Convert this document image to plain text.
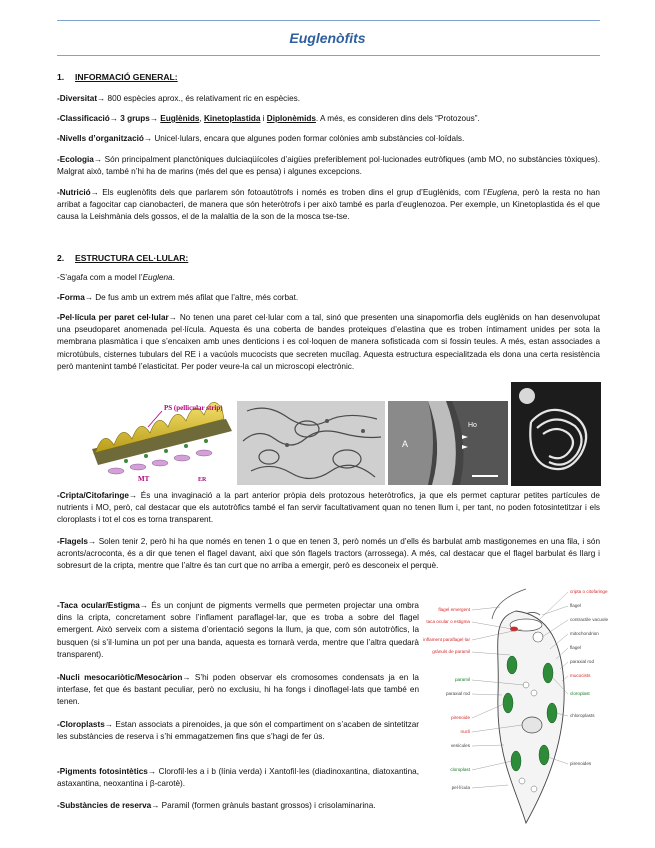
Euglenòfits
1. INFORMACIÓ GENERAL:

-Diversitat→ 800 espècies aprox., és relativament ric en espècies.

-Classificació→ 3 grups→ Euglènids, Kinetoplastida i Diplonèmids. A més, es consideren dins dels “Protozous”.

-Nivells d’organització→ Unicel·lulars, encara que algunes poden formar colònies amb substàncies col·loïdals.

-Ecologia→ Són principalment planctòniques dulciaqüícoles d’aigües preferiblement pol·lucionades eutròfiques (amb MO, no substàncies tòxiques). Malgrat això, també n’hi ha de marins (més del que es pensa) i algunes excepcions.

-Nutrició→ Els euglenòfits dels que parlarem són fotoautòtrofs i només es troben dins el grup d’Euglènids, com l’Euglena, però la resta no han arribat a fagocitar cap cianobacteri, de manera que són heteròtrofs i per això també es parla d’euglenozoa. Per exemple, un Kinetoplastida és el que causa la Leishmània dels gossos, el de la malaltia de la son de la mosca tse-tse.

2. ESTRUCTURA CEL·LULAR:

-S’agafa com a model l’Euglena.

-Forma→ De fus amb un extrem més afilat que l’altre, més corbat.

-Pel·lícula per paret cel·lular→ No tenen una paret cel·lular com a tal, sinó que presenten una sinapomorfia dels euglènids on han desenvolupat una pseudoparet anomenada pel·lícula. Aquesta és una coberta de bandes proteiques d’elastina que es troben íntimament unides per sota la membrana plasmàtica i que s’encaixen amb unes denticions i es col·loquen de manera sofisticada com si fossin teules. A més, estan associades a microtúbuls, cisternes tubulars del RE i a vacúols mucocists que secreten mucílag. Aquesta estructura especialitzada els dona una certa resistència però mantenint també l’elasticitat. Per poder veure-la cal un microscopi electrònic.

PS (pellicular strip)
MT	ER
A
Ho

-Cripta/Citofaringe→ És una invaginació a la part anterior pròpia dels protozous heteròtrofics, ja que els permet capturar petites partícules de nutrients i MO, però, cal destacar que els autotròfics també el fan servir facultativament quan no tenen llum i, per tant, no poden fotosintetitzar i els cloroplasts i tot el cos es torna transparent.

-Flagels→ Solen tenir 2, però hi ha que només en tenen 1 o que en tenen 3, però només un d’ells és barbulat amb mastigonemes en una fila, i són acronts/acroconta, és a dir que tenen el flagel davant, així que són flagels tractors (arrossega). A més, cal destacar que el flagel barbulat és llarg i sobresurt de la cripta, mentre que l’altre és tan curt que no arriba a emergir, però es desconeix el perquè.

-Taca ocular/Estigma→ És un conjunt de pigments vermells que permeten projectar una ombra dins la cripta, concretament sobre l’inflament paraflagel·lar, que es troba a sobre del flagel emergent. Això serveix com a sistema d’orientació segons la llum, ja que, com són autotròfics, la busquen (si s’il·lumina un pot per una banda, aquesta es tornarà verda, mentre que l’altra quedarà transparent).

-Nucli mesocariòtic/Mesocàrion→ S’hi poden observar els cromosomes condensats ja en la interfase, fet que és bastant peculiar, però no exclusiu, hi ha fongs i dinoflagel·lats que també en tenen.

-Cloroplasts→ Estan associats a pirenoides, ja que són el compartiment on s’acaben de sintetitzar les substàncies de reserva i s’hi emmagatzemen fins que s’hagi de fer ús.

-Pigments fotosintètics→ Clorofil·les a i b (línia verda) i Xantofil·les (diadinoxantina, diatoxantina, astaxantina, neoxantina i β-carotè).

-Substàncies de reserva→ Paramil (formen grànuls bastant grossos) i crisolaminarina.

flagel emergent
taca ocular o estigma
inflament paraflagel·lar
grànuls de paramil
paramil
paraxial rod
pirenoide
nucli
vesícules
cloroplast
pel·lícula
cripta o citofaringe
flagel
contractile vacuole
mitochondrion
flagel
paraxial rod
mucocists
cloroplast
chloroplasts
pirenoides
